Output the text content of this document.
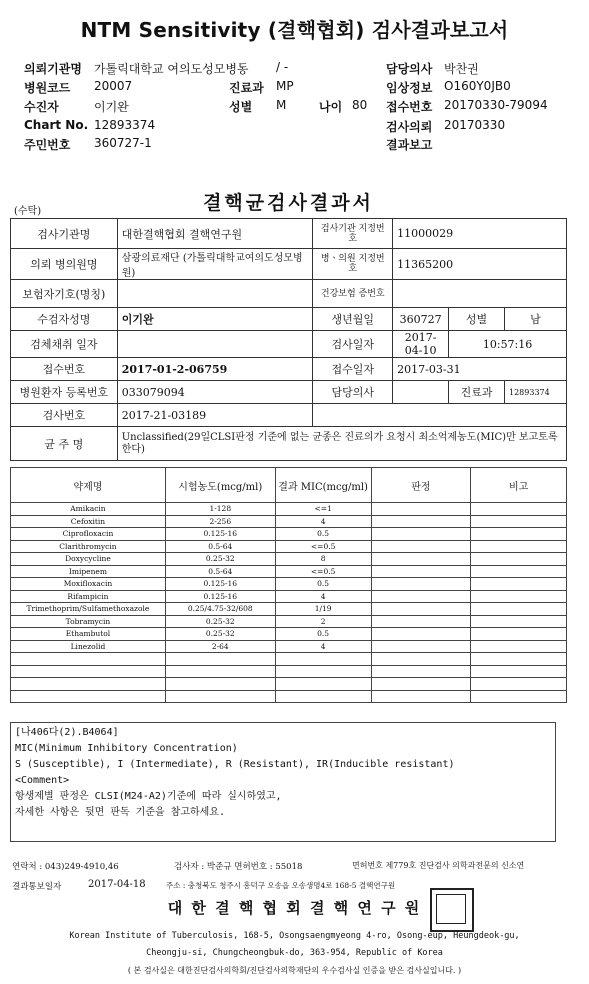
NTM Sensitivity (결핵협회) 검사결과보고서
의뢰기관명 가톨릭대학교 여의도성모병동 / -
병원코드 20007	진료과 MP
수진자	이기완	성별 M	나이 80
Chart No. 12893374
주민번호 360727-1
담당의사 박찬권
임상정보 O160Y0JB0
접수번호 20170330-79094
검사의뢰 20170330
결과보고
(수탁)	결핵균검사결과서
검사기관명	대한결핵협회 결핵연구원	검사기관 지정번호	11000029		
의뢰 병의원명	삼광의료재단 (가톨릭대학교여의도성모병원)	병ㆍ의원 지정번호	11365200		
보험자기호(명칭)		건강보험 증번호			
수검자성명	이기완	생년월일	360727	성별	남
검체채취 일자		검사일자	2017-04-10	10:57:16	
접수번호	2017-01-2-06759	접수일자	2017-03-31		
병원환자 등록번호	033079094	담당의사		진료과	12893374
검사번호	2017-21-03189				
균 주 명	Unclassified(29일CLSI판정 기준에 없는 균종은 진료의가 요청시 최소억제농도(MIC)만 보고토록 한다)				
약제명	시험농도(mcg/ml)	결과 MIC(mcg/ml)	판정	비고
Amikacin	1-128	<=1		
Cefoxitin	2-256	4		
Ciprofloxacin	0.125-16	0.5		
Clarithromycin	0.5-64	<=0.5		
Doxycycline	0.25-32	8		
Imipenem	0.5-64	<=0.5		
Moxifloxacin	0.125-16	0.5		
Rifampicin	0.125-16	4		
Trimethoprim/Sulfamethoxazole	0.25/4.75-32/608	1/19		
Tobramycin	0.25-32	2		
Ethambutol	0.25-32	0.5		
Linezolid	2-64	4		

[나406다(2).B4064]
MIC(Minimum Inhibitory Concentration)
S (Susceptible), I (Intermediate), R (Resistant), IR(Inducible resistant)
<Comment>
항생제별 판정은 CLSI(M24-A2)기준에 따라 실시하였고,
자세한 사항은 뒷면 판독 기준을 참고하세요.
연락처 : 043)249-4910,46	검사자 : 박준규 면허번호 : 55018	면허번호 제779호 진단검사 의학과전문의 신소연
결과통보일자	2017-04-18	주소 : 충청북도 청주시 흥덕구 오송읍 오송생명4로 168-5 결핵연구원
대 한 결 핵 협 회 결 핵 연 구 원
Korean Institute of Tuberculosis, 168-5, Osongsaengmyeong 4-ro, Osong-eup, Heungdeok-gu,
Cheongju-si, Chungcheongbuk-do, 363-954, Republic of Korea
( 본 검사실은 대한진단검사의학회/진단검사의학재단의 우수검사실 인증을 받은 검사실입니다. )
